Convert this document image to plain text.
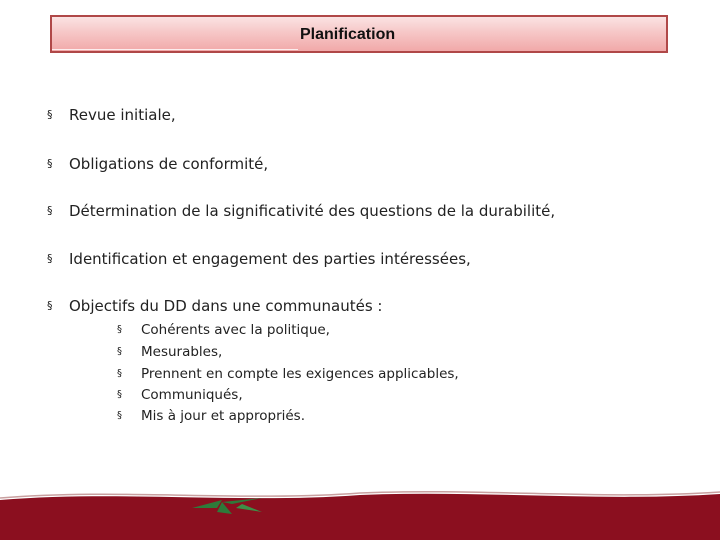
Planification
§ Revue initiale,
§ Obligations de conformité,
§ Détermination de la significativité des questions de la durabilité,
§ Identification et engagement des parties intéressées,
§ Objectifs du DD dans une communautés :
§ Cohérents avec la politique,
§ Mesurables,
§ Prennent en compte les exigences applicables,
§ Communiqués,
§ Mis à jour et appropriés.
